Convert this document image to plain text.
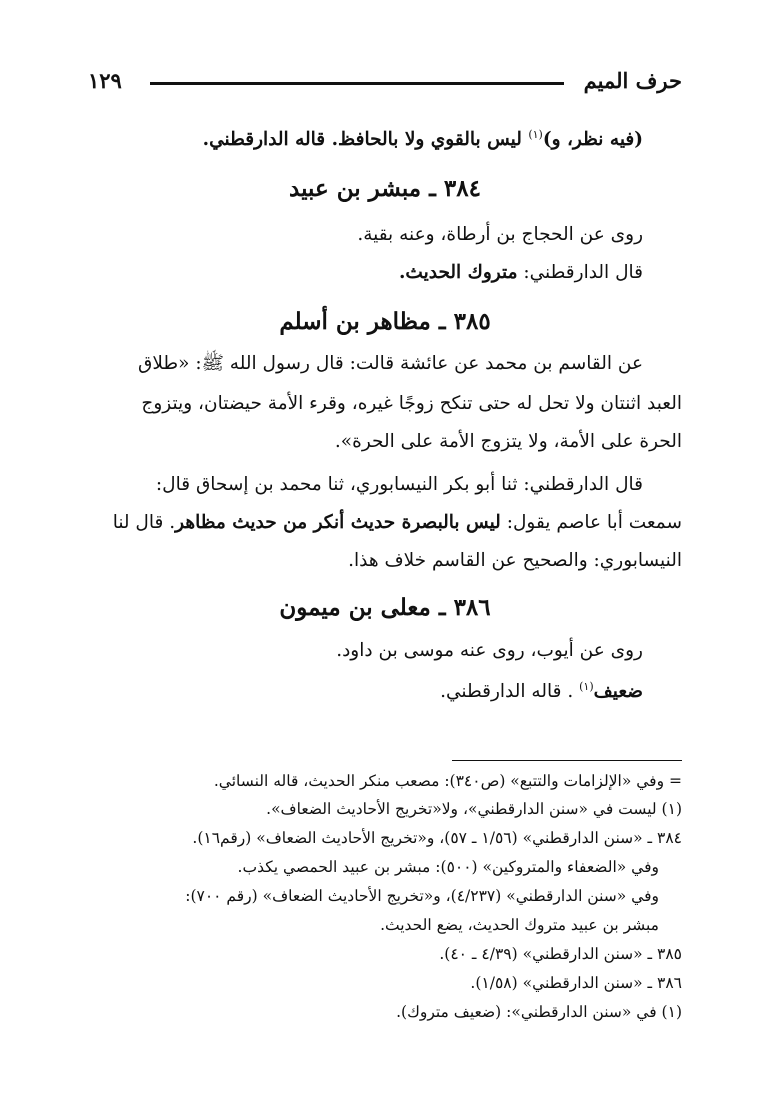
حرف الميم
١٢٩
(فيه نظر، و)$^{(١)}$ ليس بالقوي ولا بالحافظ. قاله الدارقطني.
٣٨٤ ـ مبشر بن عبيد
روى عن الحجاج بن أرطاة، وعنه بقية.
قال الدارقطني: متروك الحديث.
٣٨٥ ـ مظاهر بن أسلم
عن القاسم بن محمد عن عائشة قالت: قال رسول الله ﷺ: «طلاق
العبد اثنتان ولا تحل له حتى تنكح زوجًا غيره، وقرء الأمة حيضتان، ويتزوج
الحرة على الأمة، ولا يتزوج الأمة على الحرة».
قال الدارقطني: ثنا أبو بكر النيسابوري، ثنا محمد بن إسحاق قال:
سمعت أبا عاصم يقول: ليس بالبصرة حديث أنكر من حديث مظاهر. قال لنا
النيسابوري: والصحيح عن القاسم خلاف هذا.
٣٨٦ ـ معلى بن ميمون
روى عن أيوب، روى عنه موسى بن داود.
ضعيف$^{(١)}$ . قاله الدارقطني.
= وفي «الإلزامات والتتبع» (ص٣٤٠): مصعب منكر الحديث، قاله النسائي.
(١) ليست في «سنن الدارقطني»، ولا«تخريج الأحاديث الضعاف».
٣٨٤ ـ «سنن الدارقطني» (١/٥٦ ـ ٥٧)، و«تخريج الأحاديث الضعاف» (رقم١٦).
وفي «الضعفاء والمتروكين» (٥٠٠): مبشر بن عبيد الحمصي يكذب.
وفي «سنن الدارقطني» (٤/٢٣٧)، و«تخريج الأحاديث الضعاف» (رقم ٧٠٠):
مبشر بن عبيد متروك الحديث، يضع الحديث.
٣٨٥ ـ «سنن الدارقطني» (٤/٣٩ ـ ٤٠).
٣٨٦ ـ «سنن الدارقطني» (١/٥٨).
(١) في «سنن الدارقطني»: (ضعيف متروك).
